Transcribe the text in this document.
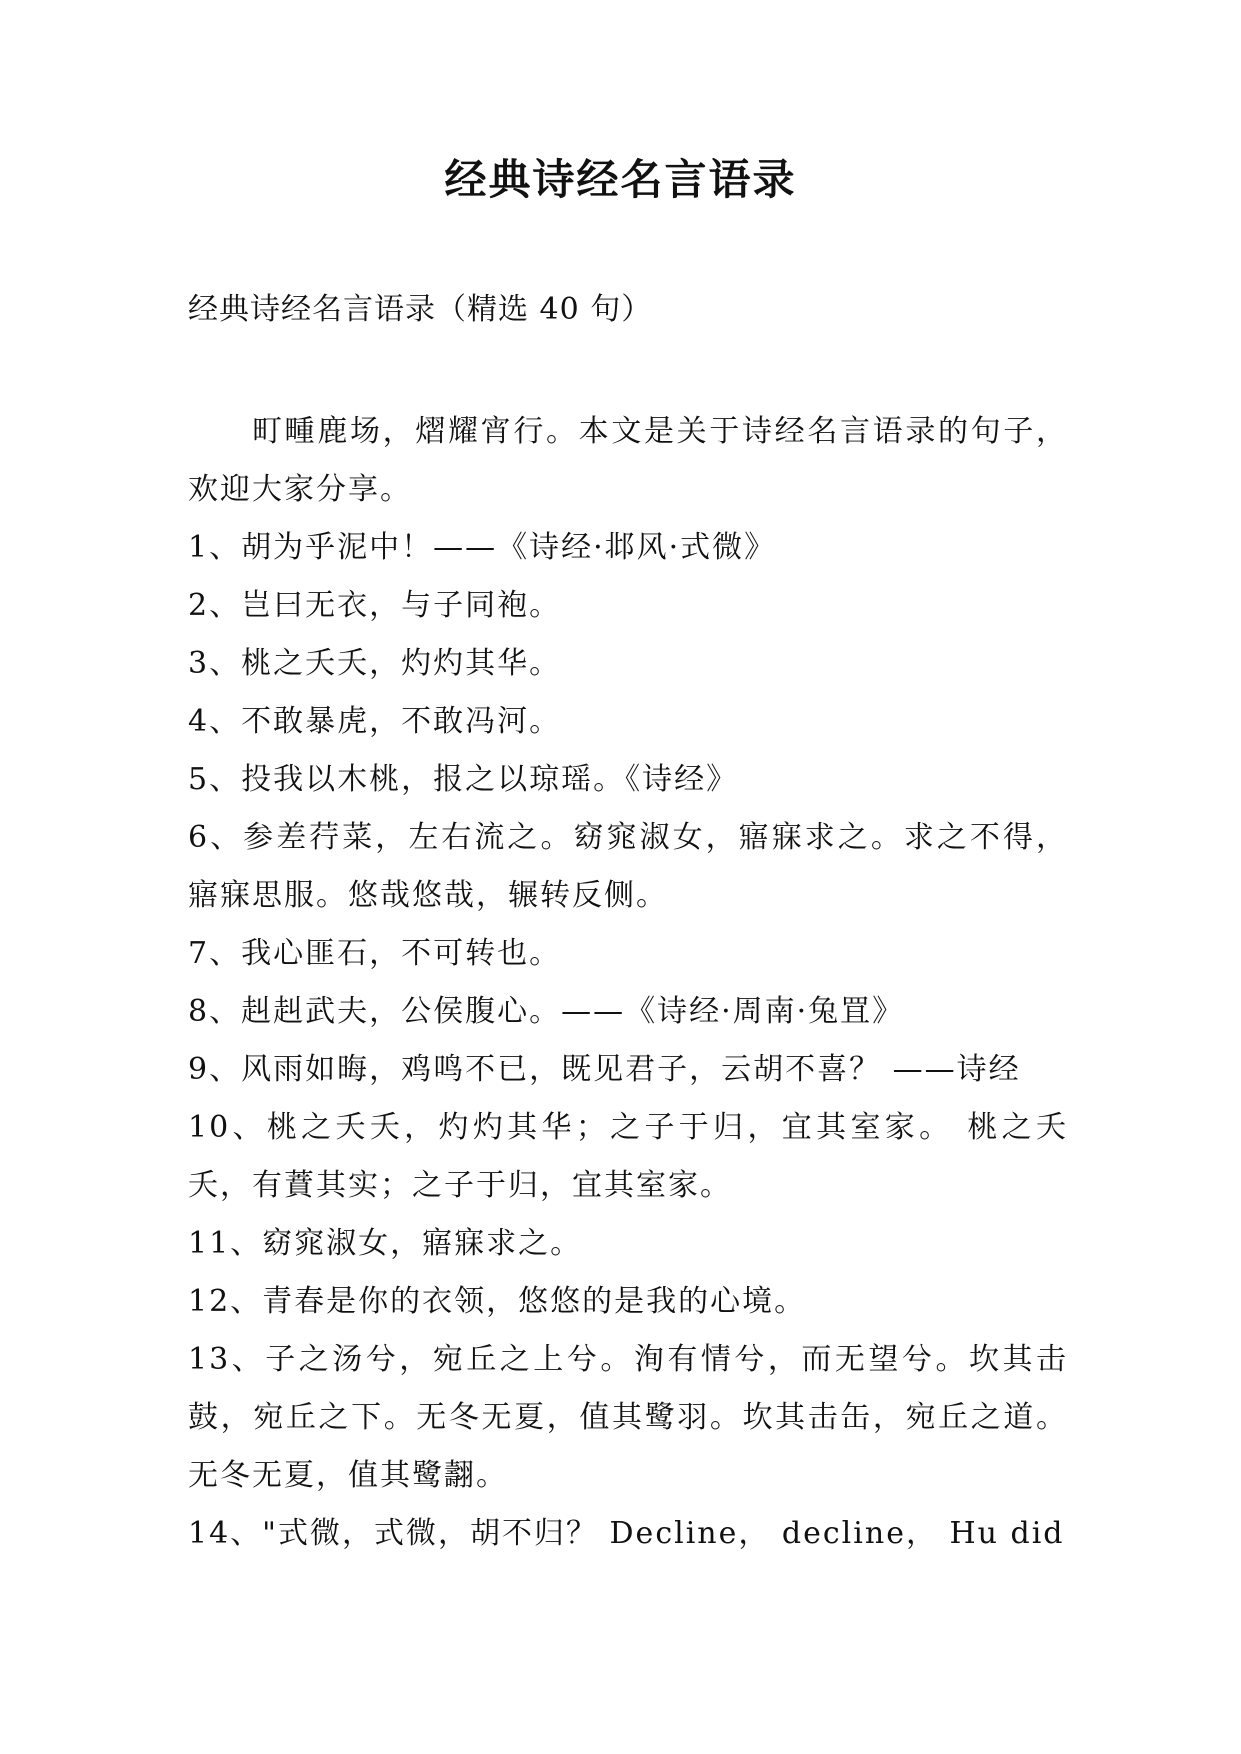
经典诗经名言语录
经典诗经名言语录（精选 40 句）

町畽鹿场，熠耀宵行。本文是关于诗经名言语录的句子，欢迎大家分享。

1、胡为乎泥中！——《诗经·邶风·式微》

2、岂曰无衣，与子同袍。

3、桃之夭夭，灼灼其华。

4、不敢暴虎，不敢冯河。

5、投我以木桃，报之以琼瑶。《诗经》

6、参差荇菜，左右流之。窈窕淑女，寤寐求之。求之不得，寤寐思服。悠哉悠哉，辗转反侧。

7、我心匪石，不可转也。

8、赳赳武夫，公侯腹心。——《诗经·周南·兔罝》

9、风雨如晦，鸡鸣不已，既见君子，云胡不喜？ ——诗经

10、桃之夭夭，灼灼其华；之子于归，宜其室家。 桃之夭夭，有蕡其实；之子于归，宜其室家。

11、窈窕淑女，寤寐求之。

12、青春是你的衣领，悠悠的是我的心境。

13、子之汤兮，宛丘之上兮。洵有情兮，而无望兮。坎其击鼓，宛丘之下。无冬无夏，值其鹭羽。坎其击缶，宛丘之道。无冬无夏，值其鹭翿。

14、"式微，式微，胡不归？ Decline， decline， Hu did
